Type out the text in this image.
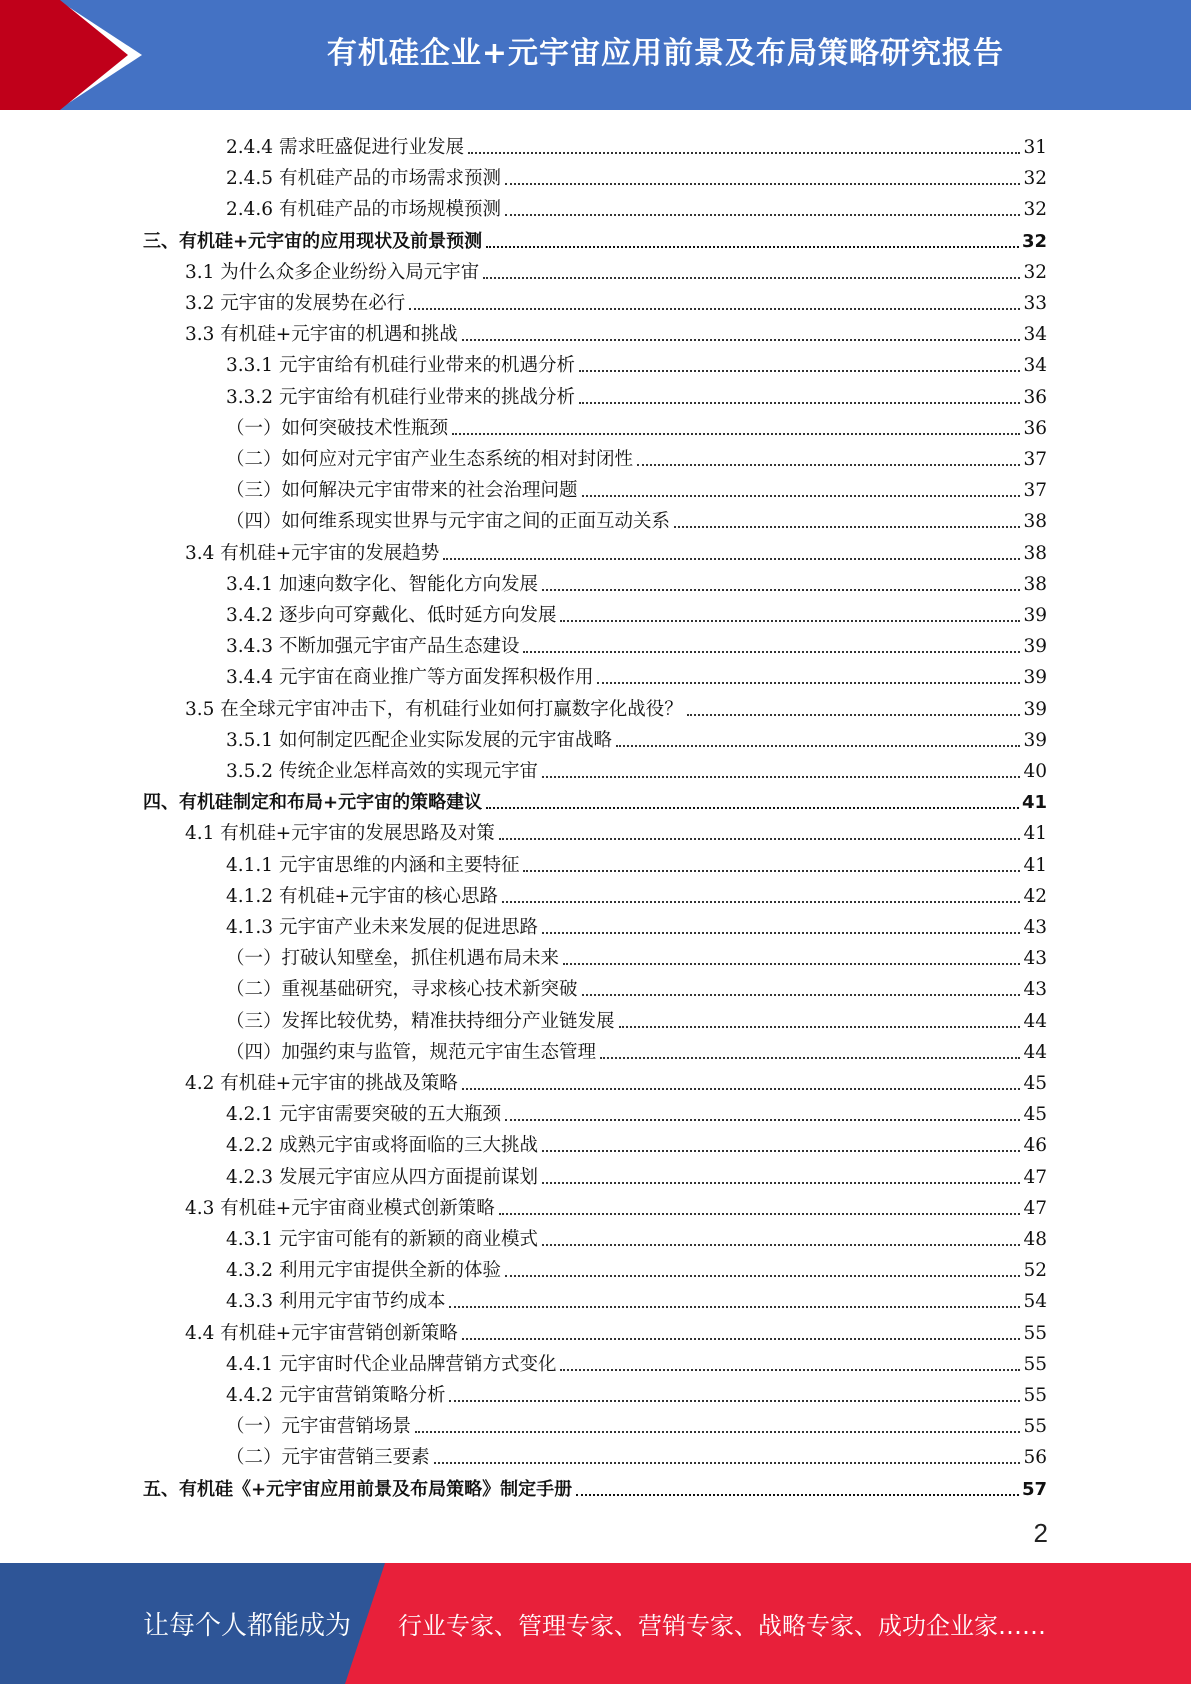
有机硅企业+元宇宙应用前景及布局策略研究报告
2.4.4 需求旺盛促进行业发展	31
2.4.5 有机硅产品的市场需求预测	32
2.4.6 有机硅产品的市场规模预测	32
三、有机硅+元宇宙的应用现状及前景预测	32
3.1 为什么众多企业纷纷入局元宇宙	32
3.2 元宇宙的发展势在必行	33
3.3 有机硅+元宇宙的机遇和挑战	34
3.3.1 元宇宙给有机硅行业带来的机遇分析	34
3.3.2 元宇宙给有机硅行业带来的挑战分析	36
（一）如何突破技术性瓶颈	36
（二）如何应对元宇宙产业生态系统的相对封闭性	37
（三）如何解决元宇宙带来的社会治理问题	37
（四）如何维系现实世界与元宇宙之间的正面互动关系	38
3.4 有机硅+元宇宙的发展趋势	38
3.4.1 加速向数字化、智能化方向发展	38
3.4.2 逐步向可穿戴化、低时延方向发展	39
3.4.3 不断加强元宇宙产品生态建设	39
3.4.4 元宇宙在商业推广等方面发挥积极作用	39
3.5 在全球元宇宙冲击下，有机硅行业如何打赢数字化战役？	39
3.5.1 如何制定匹配企业实际发展的元宇宙战略	39
3.5.2 传统企业怎样高效的实现元宇宙	40
四、有机硅制定和布局+元宇宙的策略建议	41
4.1 有机硅+元宇宙的发展思路及对策	41
4.1.1 元宇宙思维的内涵和主要特征	41
4.1.2 有机硅+元宇宙的核心思路	42
4.1.3 元宇宙产业未来发展的促进思路	43
（一）打破认知壁垒，抓住机遇布局未来	43
（二）重视基础研究，寻求核心技术新突破	43
（三）发挥比较优势，精准扶持细分产业链发展	44
（四）加强约束与监管，规范元宇宙生态管理	44
4.2 有机硅+元宇宙的挑战及策略	45
4.2.1 元宇宙需要突破的五大瓶颈	45
4.2.2 成熟元宇宙或将面临的三大挑战	46
4.2.3 发展元宇宙应从四方面提前谋划	47
4.3 有机硅+元宇宙商业模式创新策略	47
4.3.1 元宇宙可能有的新颖的商业模式	48
4.3.2 利用元宇宙提供全新的体验	52
4.3.3 利用元宇宙节约成本	54
4.4 有机硅+元宇宙营销创新策略	55
4.4.1 元宇宙时代企业品牌营销方式变化	55
4.4.2 元宇宙营销策略分析	55
（一）元宇宙营销场景	55
（二）元宇宙营销三要素	56
五、有机硅《+元宇宙应用前景及布局策略》制定手册	57
2
让每个人都能成为 行业专家、管理专家、营销专家、战略专家、成功企业家……
